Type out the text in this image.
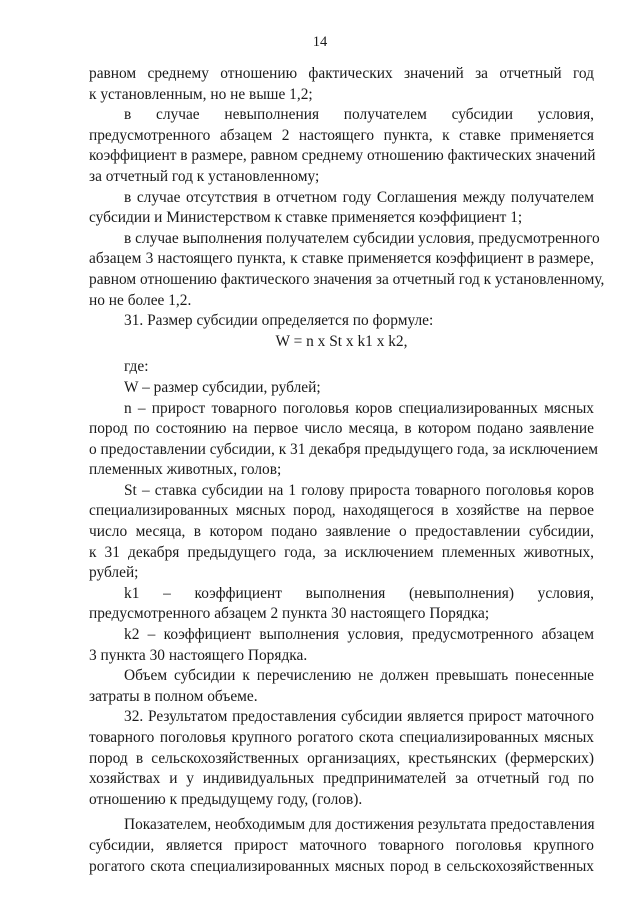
14
равном среднему отношению фактических значений за отчетный год
к установленным, но не выше 1,2;
в случае невыполнения получателем субсидии условия,
предусмотренного абзацем 2 настоящего пункта, к ставке применяется
коэффициент в размере, равном среднему отношению фактических значений
за отчетный год к установленному;
в случае отсутствия в отчетном году Соглашения между получателем
субсидии и Министерством к ставке применяется коэффициент 1;
в случае выполнения получателем субсидии условия, предусмотренного
абзацем 3 настоящего пункта, к ставке применяется коэффициент в размере,
равном отношению фактического значения за отчетный год к установленному,
но не более 1,2.
31. Размер субсидии определяется по формуле:
W = n x St x k1 x k2,
где:
W – размер субсидии, рублей;
n – прирост товарного поголовья коров специализированных мясных
пород по состоянию на первое число месяца, в котором подано заявление
о предоставлении субсидии, к 31 декабря предыдущего года, за исключением
племенных животных, голов;
St – ставка субсидии на 1 голову прироста товарного поголовья коров
специализированных мясных пород, находящегося в хозяйстве на первое
число месяца, в котором подано заявление о предоставлении субсидии,
к 31 декабря предыдущего года, за исключением племенных животных,
рублей;
k1 – коэффициент выполнения (невыполнения) условия,
предусмотренного абзацем 2 пункта 30 настоящего Порядка;
k2 – коэффициент выполнения условия, предусмотренного абзацем
3 пункта 30 настоящего Порядка.
Объем субсидии к перечислению не должен превышать понесенные
затраты в полном объеме.
32. Результатом предоставления субсидии является прирост маточного
товарного поголовья крупного рогатого скота специализированных мясных
пород в сельскохозяйственных организациях, крестьянских (фермерских)
хозяйствах и у индивидуальных предпринимателей за отчетный год по
отношению к предыдущему году, (голов).
Показателем, необходимым для достижения результата предоставления
субсидии, является прирост маточного товарного поголовья крупного
рогатого скота специализированных мясных пород в сельскохозяйственных
